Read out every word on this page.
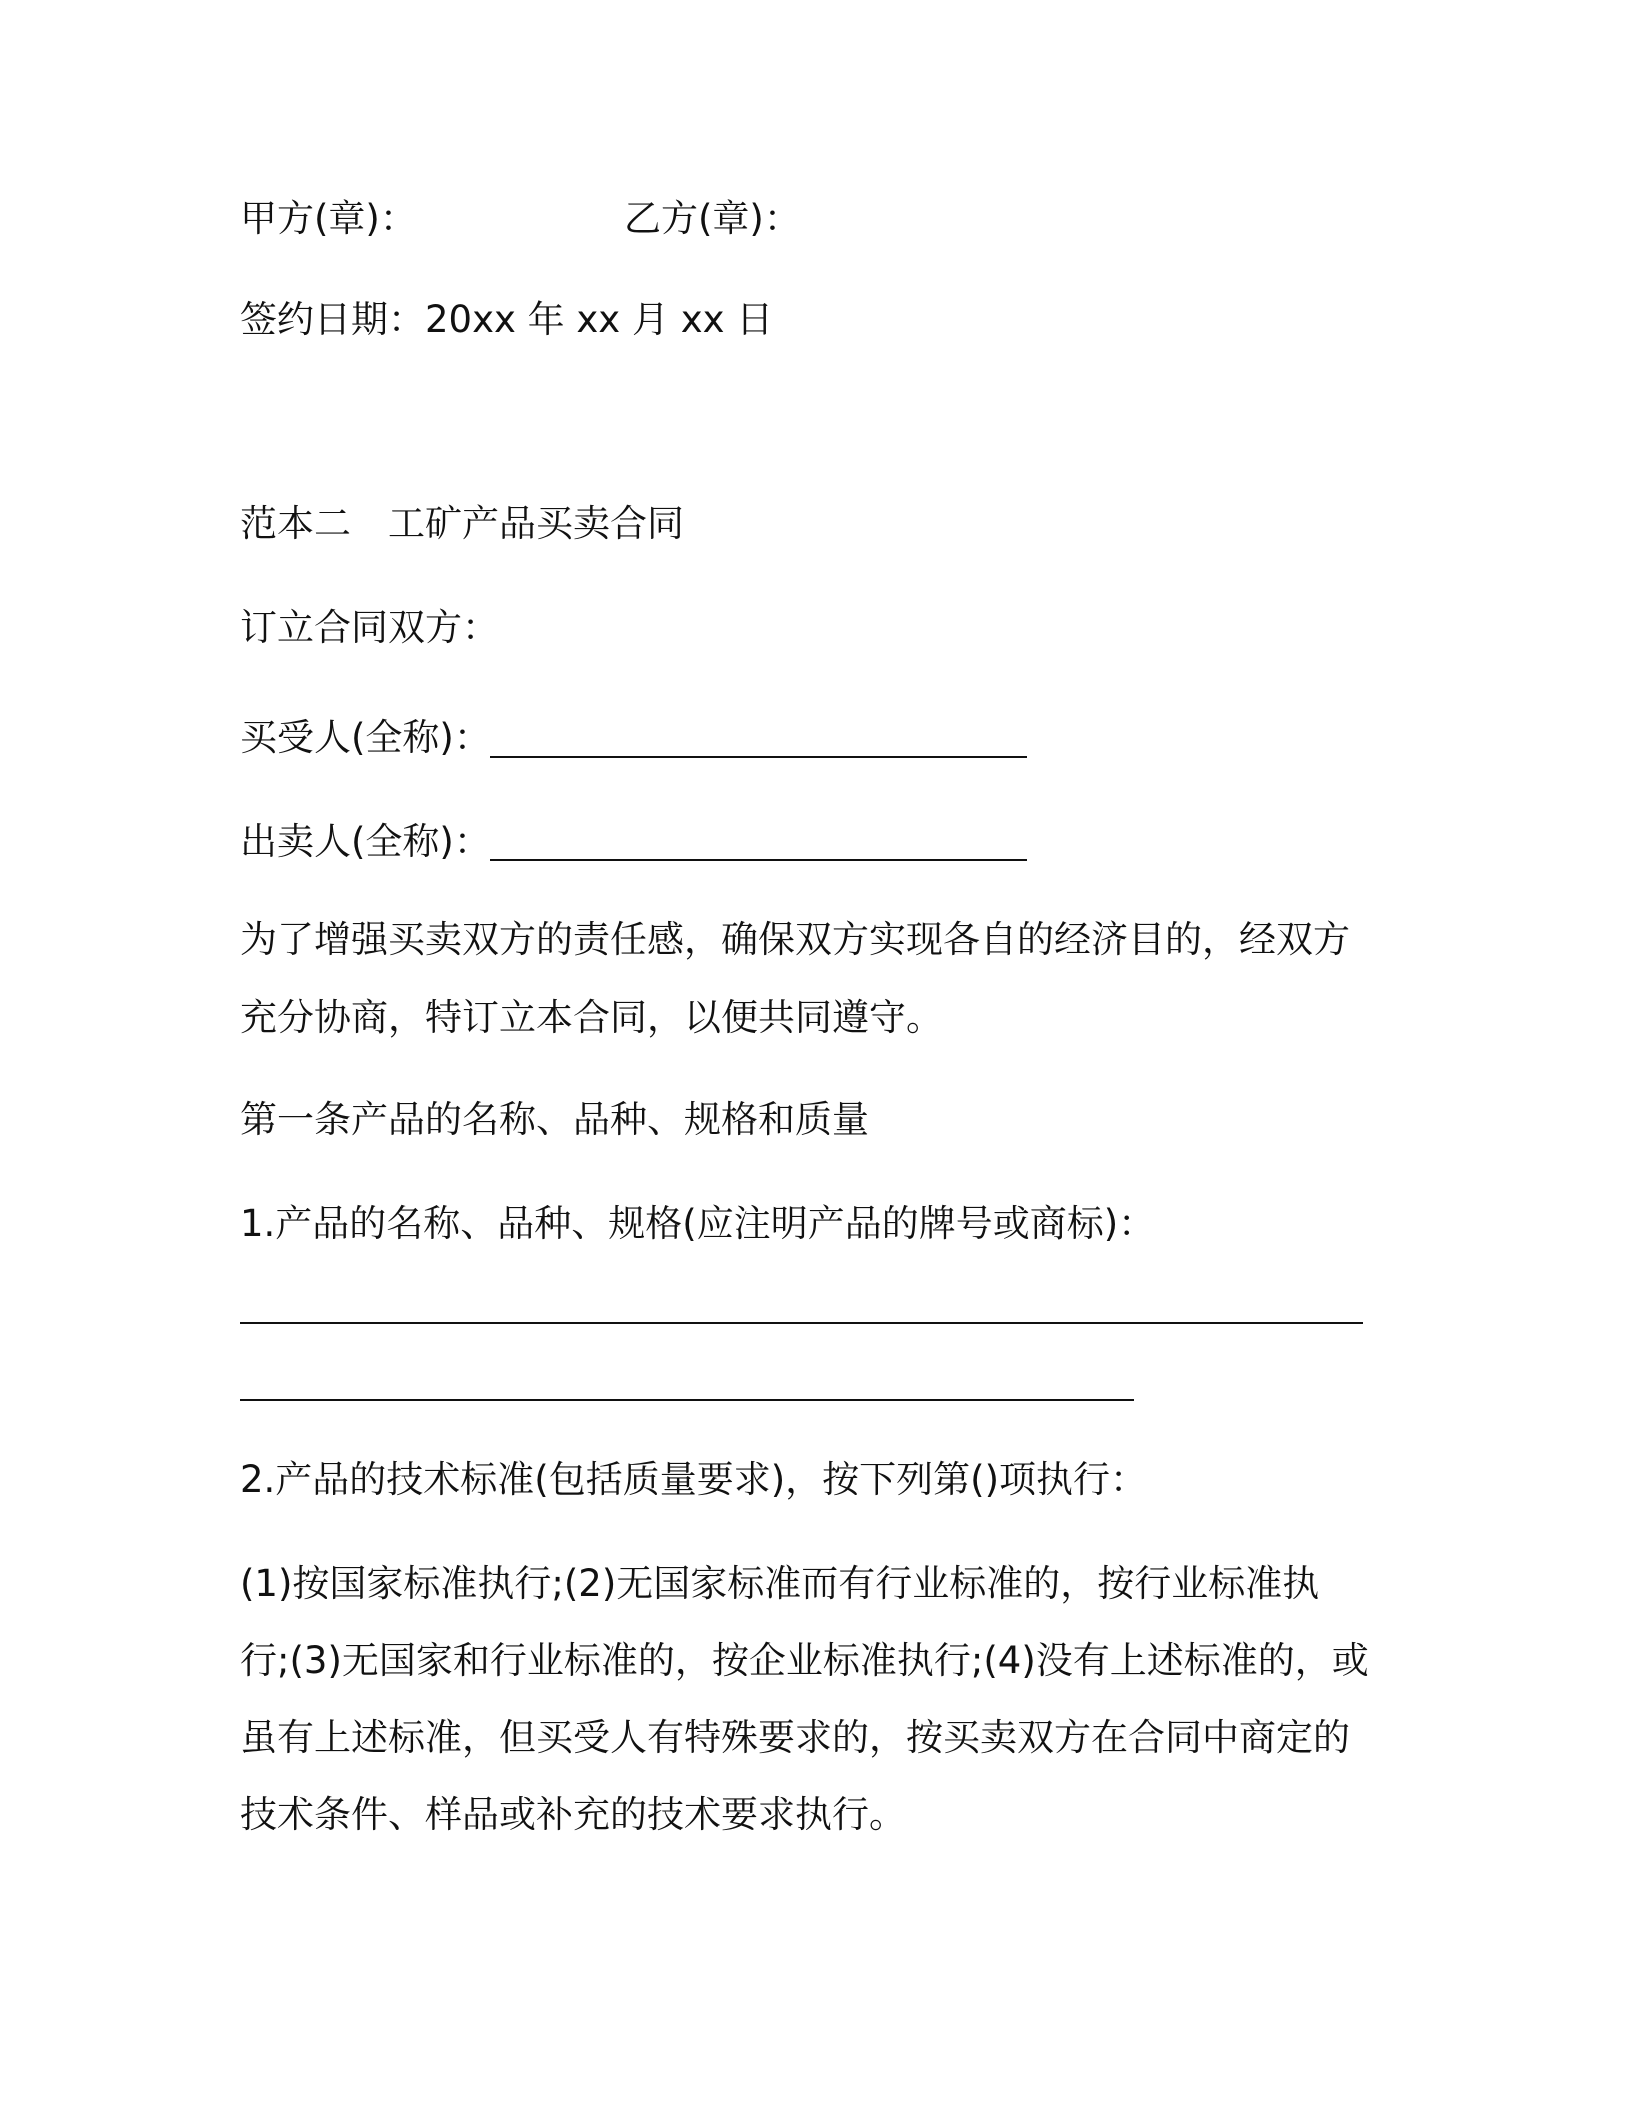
甲方(章)：	乙方(章)：
签约日期：20xx 年 xx 月 xx 日
范本二　工矿产品买卖合同
订立合同双方：
买受人(全称)：
出卖人(全称)：
为了增强买卖双方的责任感，确保双方实现各自的经济目的，经双方
充分协商，特订立本合同，以便共同遵守。
第一条产品的名称、品种、规格和质量
1.产品的名称、品种、规格(应注明产品的牌号或商标)：
2.产品的技术标准(包括质量要求)，按下列第()项执行：
(1)按国家标准执行;(2)无国家标准而有行业标准的，按行业标准执
行;(3)无国家和行业标准的，按企业标准执行;(4)没有上述标准的，或
虽有上述标准，但买受人有特殊要求的，按买卖双方在合同中商定的
技术条件、样品或补充的技术要求执行。
